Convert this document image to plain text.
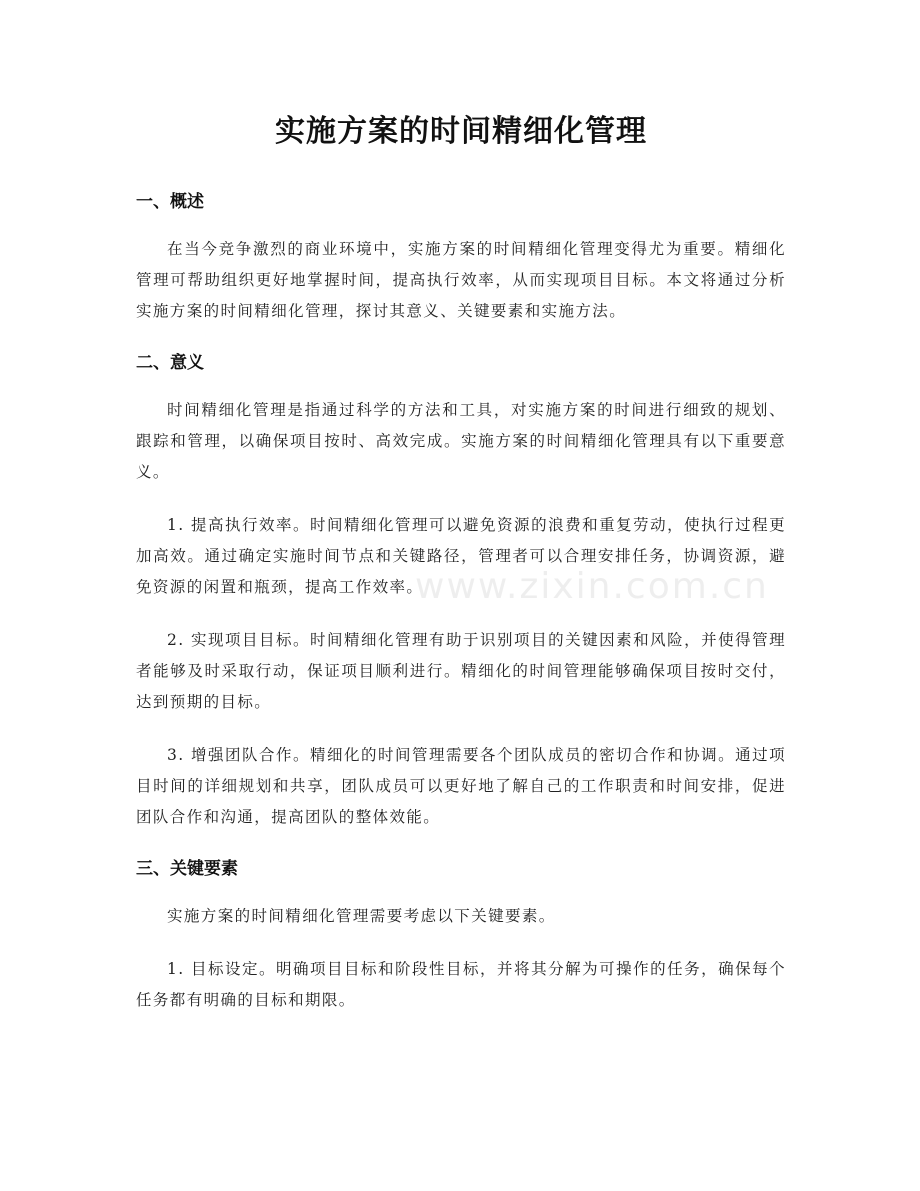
实施方案的时间精细化管理
一、概述

在当今竞争激烈的商业环境中，实施方案的时间精细化管理变得尤为重要。精细化管理可帮助组织更好地掌握时间，提高执行效率，从而实现项目目标。本文将通过分析实施方案的时间精细化管理，探讨其意义、关键要素和实施方法。

二、意义

时间精细化管理是指通过科学的方法和工具，对实施方案的时间进行细致的规划、跟踪和管理，以确保项目按时、高效完成。实施方案的时间精细化管理具有以下重要意义。

1. 提高执行效率。时间精细化管理可以避免资源的浪费和重复劳动，使执行过程更加高效。通过确定实施时间节点和关键路径，管理者可以合理安排任务，协调资源，避免资源的闲置和瓶颈，提高工作效率。

2. 实现项目目标。时间精细化管理有助于识别项目的关键因素和风险，并使得管理者能够及时采取行动，保证项目顺利进行。精细化的时间管理能够确保项目按时交付，达到预期的目标。

3. 增强团队合作。精细化的时间管理需要各个团队成员的密切合作和协调。通过项目时间的详细规划和共享，团队成员可以更好地了解自己的工作职责和时间安排，促进团队合作和沟通，提高团队的整体效能。

三、关键要素

实施方案的时间精细化管理需要考虑以下关键要素。

1. 目标设定。明确项目目标和阶段性目标，并将其分解为可操作的任务，确保每个任务都有明确的目标和期限。

www.zixin.com.cn
